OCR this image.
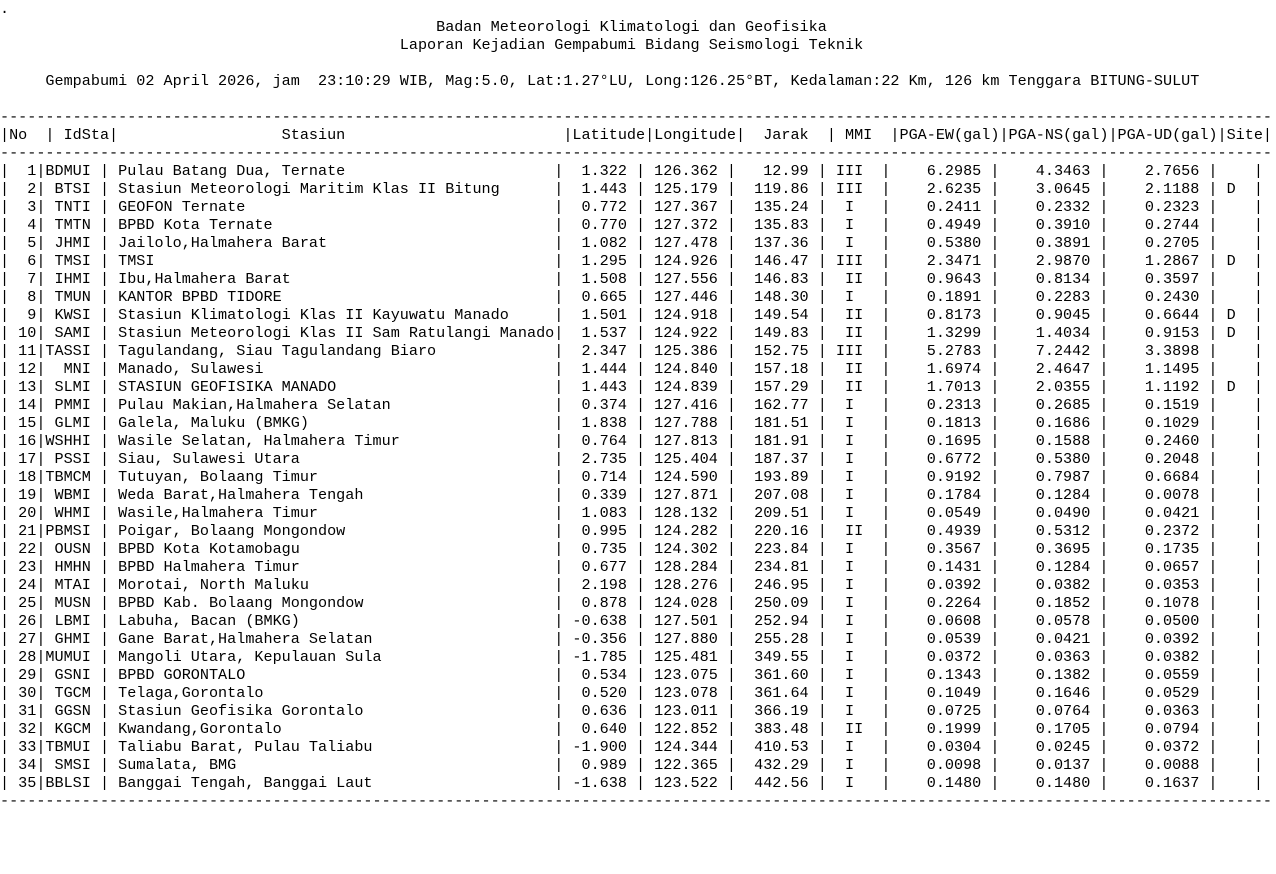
.
Badan Meteorologi Klimatologi dan Geofisika
Laporan Kejadian Gempabumi Bidang Seismologi Teknik

Gempabumi 02 April 2026, jam  23:10:29 WIB, Mag:5.0, Lat:1.27°LU, Long:126.25°BT, Kedalaman:22 Km, 126 km Tenggara BITUNG-SULUT

--------------------------------------------------------------------------------------------------------------------------------------------
|No  | IdSta|                  Stasiun                        |Latitude|Longitude|  Jarak  | MMI  |PGA-EW(gal)|PGA-NS(gal)|PGA-UD(gal)|Site|
--------------------------------------------------------------------------------------------------------------------------------------------
|  1|BDMUI | Pulau Batang Dua, Ternate                       |  1.322 | 126.362 |   12.99 | III  |    6.2985 |    4.3463 |    2.7656 |    |
|  2| BTSI | Stasiun Meteorologi Maritim Klas II Bitung      |  1.443 | 125.179 |  119.86 | III  |    2.6235 |    3.0645 |    2.1188 | D  |
|  3| TNTI | GEOFON Ternate                                  |  0.772 | 127.367 |  135.24 |  I   |    0.2411 |    0.2332 |    0.2323 |    |
|  4| TMTN | BPBD Kota Ternate                               |  0.770 | 127.372 |  135.83 |  I   |    0.4949 |    0.3910 |    0.2744 |    |
|  5| JHMI | Jailolo,Halmahera Barat                         |  1.082 | 127.478 |  137.36 |  I   |    0.5380 |    0.3891 |    0.2705 |    |
|  6| TMSI | TMSI                                            |  1.295 | 124.926 |  146.47 | III  |    2.3471 |    2.9870 |    1.2867 | D  |
|  7| IHMI | Ibu,Halmahera Barat                             |  1.508 | 127.556 |  146.83 |  II  |    0.9643 |    0.8134 |    0.3597 |    |
|  8| TMUN | KANTOR BPBD TIDORE                              |  0.665 | 127.446 |  148.30 |  I   |    0.1891 |    0.2283 |    0.2430 |    |
|  9| KWSI | Stasiun Klimatologi Klas II Kayuwatu Manado     |  1.501 | 124.918 |  149.54 |  II  |    0.8173 |    0.9045 |    0.6644 | D  |
| 10| SAMI | Stasiun Meteorologi Klas II Sam Ratulangi Manado|  1.537 | 124.922 |  149.83 |  II  |    1.3299 |    1.4034 |    0.9153 | D  |
| 11|TASSI | Tagulandang, Siau Tagulandang Biaro             |  2.347 | 125.386 |  152.75 | III  |    5.2783 |    7.2442 |    3.3898 |    |
| 12|  MNI | Manado, Sulawesi                                |  1.444 | 124.840 |  157.18 |  II  |    1.6974 |    2.4647 |    1.1495 |    |
| 13| SLMI | STASIUN GEOFISIKA MANADO                        |  1.443 | 124.839 |  157.29 |  II  |    1.7013 |    2.0355 |    1.1192 | D  |
| 14| PMMI | Pulau Makian,Halmahera Selatan                  |  0.374 | 127.416 |  162.77 |  I   |    0.2313 |    0.2685 |    0.1519 |    |
| 15| GLMI | Galela, Maluku (BMKG)                           |  1.838 | 127.788 |  181.51 |  I   |    0.1813 |    0.1686 |    0.1029 |    |
| 16|WSHHI | Wasile Selatan, Halmahera Timur                 |  0.764 | 127.813 |  181.91 |  I   |    0.1695 |    0.1588 |    0.2460 |    |
| 17| PSSI | Siau, Sulawesi Utara                            |  2.735 | 125.404 |  187.37 |  I   |    0.6772 |    0.5380 |    0.2048 |    |
| 18|TBMCM | Tutuyan, Bolaang Timur                          |  0.714 | 124.590 |  193.89 |  I   |    0.9192 |    0.7987 |    0.6684 |    |
| 19| WBMI | Weda Barat,Halmahera Tengah                     |  0.339 | 127.871 |  207.08 |  I   |    0.1784 |    0.1284 |    0.0078 |    |
| 20| WHMI | Wasile,Halmahera Timur                          |  1.083 | 128.132 |  209.51 |  I   |    0.0549 |    0.0490 |    0.0421 |    |
| 21|PBMSI | Poigar, Bolaang Mongondow                       |  0.995 | 124.282 |  220.16 |  II  |    0.4939 |    0.5312 |    0.2372 |    |
| 22| OUSN | BPBD Kota Kotamobagu                            |  0.735 | 124.302 |  223.84 |  I   |    0.3567 |    0.3695 |    0.1735 |    |
| 23| HMHN | BPBD Halmahera Timur                            |  0.677 | 128.284 |  234.81 |  I   |    0.1431 |    0.1284 |    0.0657 |    |
| 24| MTAI | Morotai, North Maluku                           |  2.198 | 128.276 |  246.95 |  I   |    0.0392 |    0.0382 |    0.0353 |    |
| 25| MUSN | BPBD Kab. Bolaang Mongondow                     |  0.878 | 124.028 |  250.09 |  I   |    0.2264 |    0.1852 |    0.1078 |    |
| 26| LBMI | Labuha, Bacan (BMKG)                            | -0.638 | 127.501 |  252.94 |  I   |    0.0608 |    0.0578 |    0.0500 |    |
| 27| GHMI | Gane Barat,Halmahera Selatan                    | -0.356 | 127.880 |  255.28 |  I   |    0.0539 |    0.0421 |    0.0392 |    |
| 28|MUMUI | Mangoli Utara, Kepulauan Sula                   | -1.785 | 125.481 |  349.55 |  I   |    0.0372 |    0.0363 |    0.0382 |    |
| 29| GSNI | BPBD GORONTALO                                  |  0.534 | 123.075 |  361.60 |  I   |    0.1343 |    0.1382 |    0.0559 |    |
| 30| TGCM | Telaga,Gorontalo                                |  0.520 | 123.078 |  361.64 |  I   |    0.1049 |    0.1646 |    0.0529 |    |
| 31| GGSN | Stasiun Geofisika Gorontalo                     |  0.636 | 123.011 |  366.19 |  I   |    0.0725 |    0.0764 |    0.0363 |    |
| 32| KGCM | Kwandang,Gorontalo                              |  0.640 | 122.852 |  383.48 |  II  |    0.1999 |    0.1705 |    0.0794 |    |
| 33|TBMUI | Taliabu Barat, Pulau Taliabu                    | -1.900 | 124.344 |  410.53 |  I   |    0.0304 |    0.0245 |    0.0372 |    |
| 34| SMSI | Sumalata, BMG                                   |  0.989 | 122.365 |  432.29 |  I   |    0.0098 |    0.0137 |    0.0088 |    |
| 35|BBLSI | Banggai Tengah, Banggai Laut                    | -1.638 | 123.522 |  442.56 |  I   |    0.1480 |    0.1480 |    0.1637 |    |
--------------------------------------------------------------------------------------------------------------------------------------------
